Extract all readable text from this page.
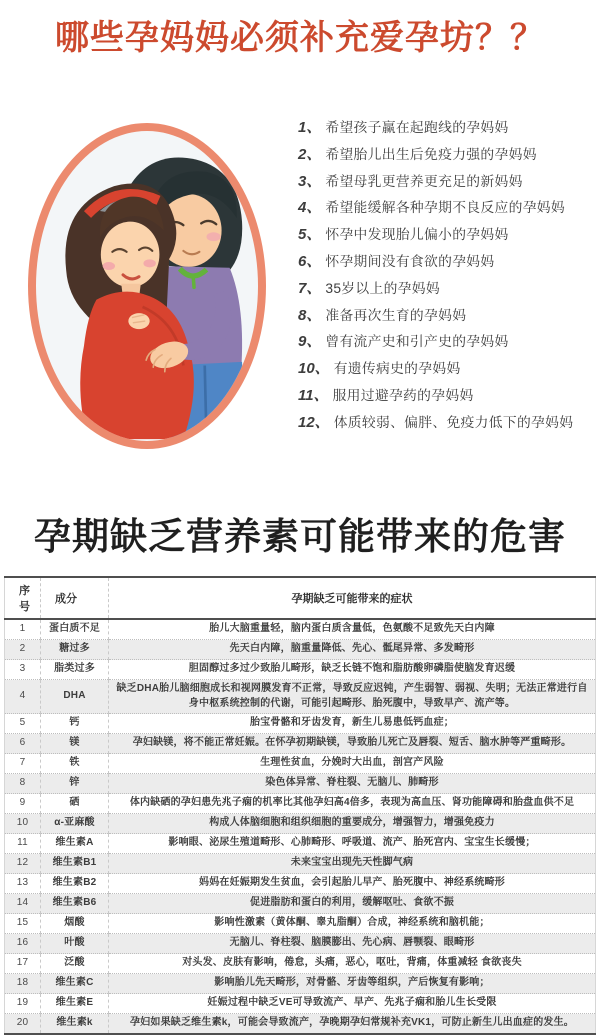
哪些孕妈妈必须补充爱孕坊？？
1、 希望孩子赢在起跑线的孕妈妈
2、 希望胎儿出生后免疫力强的孕妈妈
3、 希望母乳更营养更充足的新妈妈
4、 希望能缓解各种孕期不良反应的孕妈妈
5、 怀孕中发现胎儿偏小的孕妈妈
6、 怀孕期间没有食欲的孕妈妈
7、 35岁以上的孕妈妈
8、 准备再次生育的孕妈妈
9、 曾有流产史和引产史的孕妈妈
10、 有遗传病史的孕妈妈
11、 服用过避孕药的孕妈妈
12、 体质较弱、偏胖、免疫力低下的孕妈妈
孕期缺乏营养素可能带来的危害
序号	成分	孕期缺乏可能带来的症状
1	蛋白质不足	胎儿大脑重量轻，脑内蛋白质含量低，色氨酸不足致先天白内障
2	糖过多	先天白内障，脑重量降低、先心、骶尾异常、多发畸形
3	脂类过多	胆固醇过多过少致胎儿畸形，缺乏长链不饱和脂肪酸卵磷脂使脑发育迟缓
4	DHA	缺乏DHA胎儿脑细胞成长和视网膜发育不正常，导致反应迟钝，产生弱智、弱视、失明；无法正常进行自身中枢系统控制的代谢，可能引起畸形、胎死腹中，导致早产、流产等。
5	钙	胎宝骨骼和牙齿发育，新生儿易患低钙血症；
6	镁	孕妇缺镁，将不能正常妊娠。在怀孕初期缺镁，导致胎儿死亡及唇裂、短舌、脑水肿等严重畸形。
7	铁	生理性贫血，分娩时大出血，剖宫产风险
8	锌	染色体异常、脊柱裂、无脑儿、肺畸形
9	硒	体内缺硒的孕妇患先兆子痫的机率比其他孕妇高4倍多，表现为高血压、肾功能障碍和胎盘血供不足
10	α-亚麻酸	构成人体脑细胞和组织细胞的重要成分，增强智力，增强免疫力
11	维生素A	影响眼、泌尿生殖道畸形、心肺畸形、呼吸道、流产、胎死宫内、宝宝生长缓慢；
12	维生素B1	未来宝宝出现先天性脚气病
13	维生素B2	妈妈在妊娠期发生贫血，会引起胎儿早产、胎死腹中、神经系统畸形
14	维生素B6	促进脂肪和蛋白的利用，缓解呕吐、食欲不振
15	烟酸	影响性激素（黄体酮、睾丸脂酮）合成，神经系统和脑机能；
16	叶酸	无脑儿、脊柱裂、脑膜膨出、先心病、唇颚裂、眼畸形
17	泛酸	对头发、皮肤有影响，倦怠，头痛，恶心，呕吐，背痛，体重减轻 食欲丧失
18	维生素C	影响胎儿先天畸形，对骨骼、牙齿等组织，产后恢复有影响；
19	维生素E	妊娠过程中缺乏VE可导致流产、早产、先兆子痫和胎儿生长受限
20	维生素k	孕妇如果缺乏维生素k，可能会导致流产，孕晚期孕妇常规补充VK1，可防止新生儿出血症的发生。
